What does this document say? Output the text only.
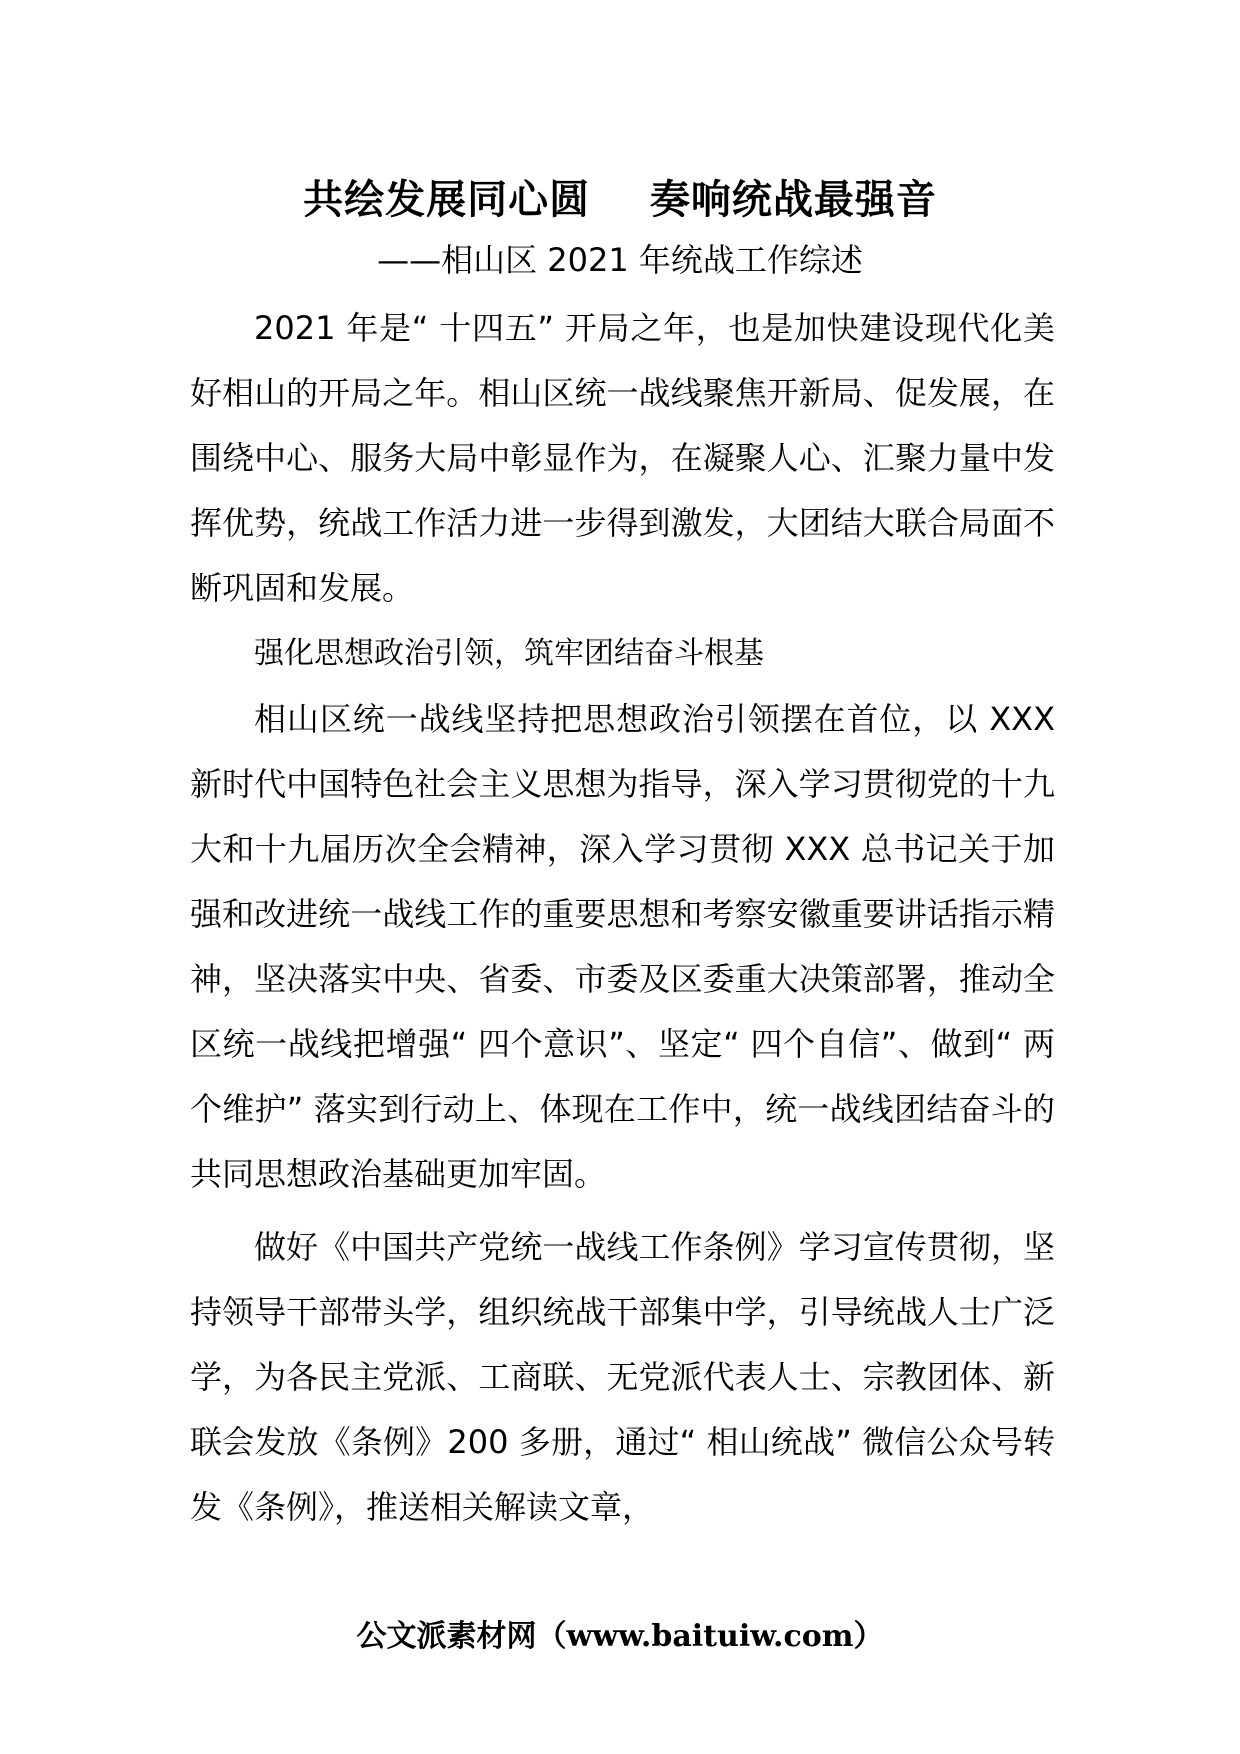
共绘发展同心圆    奏响统战最强音
——相山区 2021 年统战工作综述

2021 年是“ 十四五” 开局之年，也是加快建设现代化美好相山的开局之年。相山区统一战线聚焦开新局、促发展，在围绕中心、服务大局中彰显作为，在凝聚人心、汇聚力量中发挥优势，统战工作活力进一步得到激发，大团结大联合局面不断巩固和发展。

强化思想政治引领，筑牢团结奋斗根基

相山区统一战线坚持把思想政治引领摆在首位，以 XXX 新时代中国特色社会主义思想为指导，深入学习贯彻党的十九大和十九届历次全会精神，深入学习贯彻 XXX 总书记关于加强和改进统一战线工作的重要思想和考察安徽重要讲话指示精神，坚决落实中央、省委、市委及区委重大决策部署，推动全区统一战线把增强“ 四个意识”、坚定“ 四个自信”、做到“ 两个维护” 落实到行动上、体现在工作中，统一战线团结奋斗的共同思想政治基础更加牢固。

做好《中国共产党统一战线工作条例》学习宣传贯彻，坚持领导干部带头学，组织统战干部集中学，引导统战人士广泛学，为各民主党派、工商联、无党派代表人士、宗教团体、新联会发放《条例》200 多册，通过“ 相山统战” 微信公众号转发《条例》，推送相关解读文章，

公文派素材网（www.baituiw.com）
